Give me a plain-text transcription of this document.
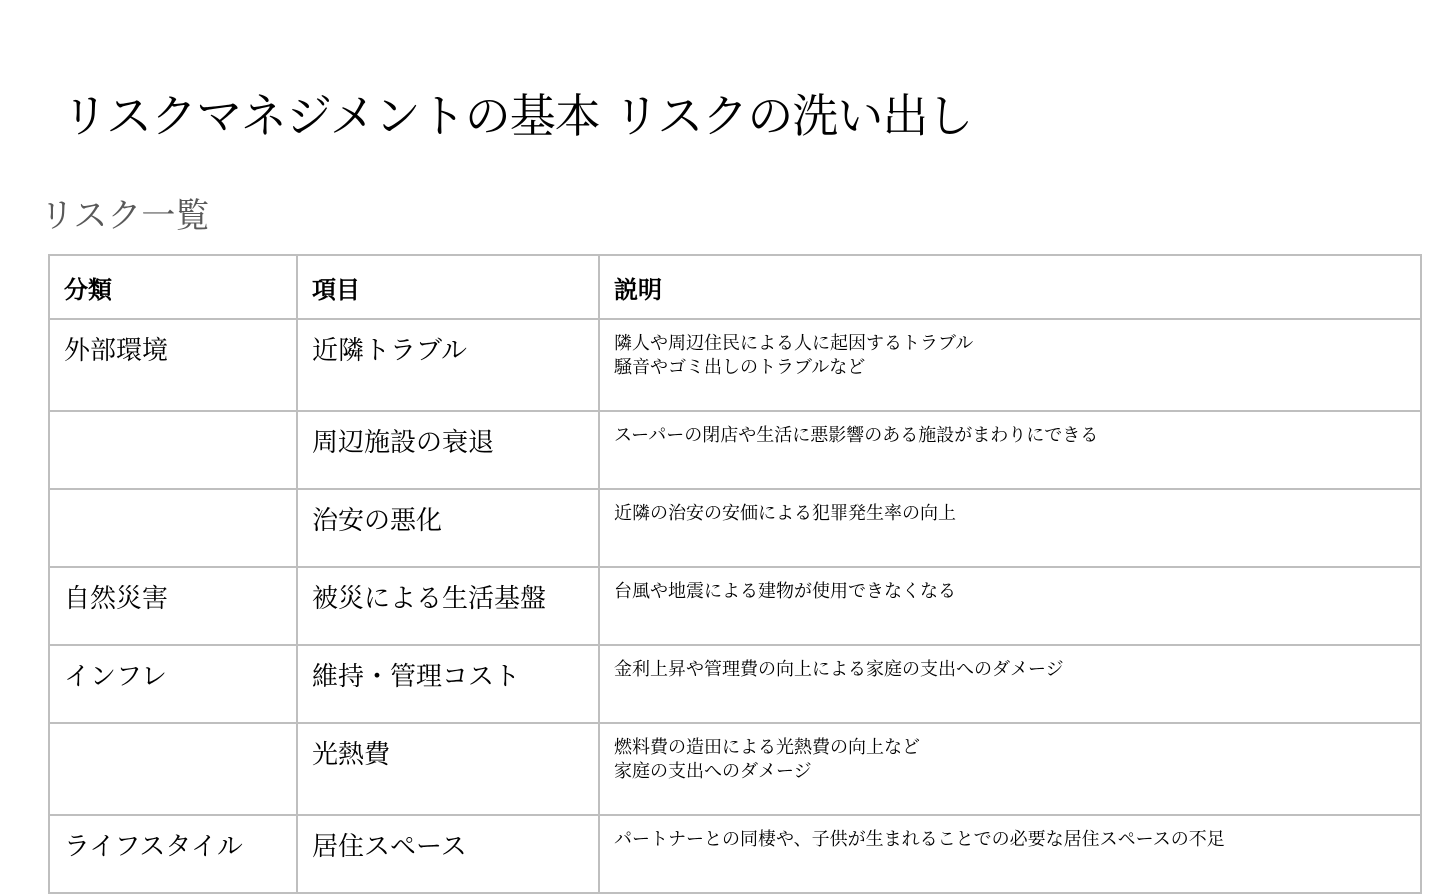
リスクマネジメントの基本 リスクの洗い出し
リスク一覧
分類	項目	説明
外部環境	近隣トラブル	隣人や周辺住民による人に起因するトラブル
騒音やゴミ出しのトラブルなど

	周辺施設の衰退	スーパーの閉店や生活に悪影響のある施設がまわりにできる

	治安の悪化	近隣の治安の安価による犯罪発生率の向上

自然災害	被災による生活基盤	台風や地震による建物が使用できなくなる

インフレ	維持・管理コスト	金利上昇や管理費の向上による家庭の支出へのダメージ

	光熱費	燃料費の造田による光熱費の向上など
家庭の支出へのダメージ

ライフスタイル	居住スペース	パートナーとの同棲や、子供が生まれることでの必要な居住スペースの不足
